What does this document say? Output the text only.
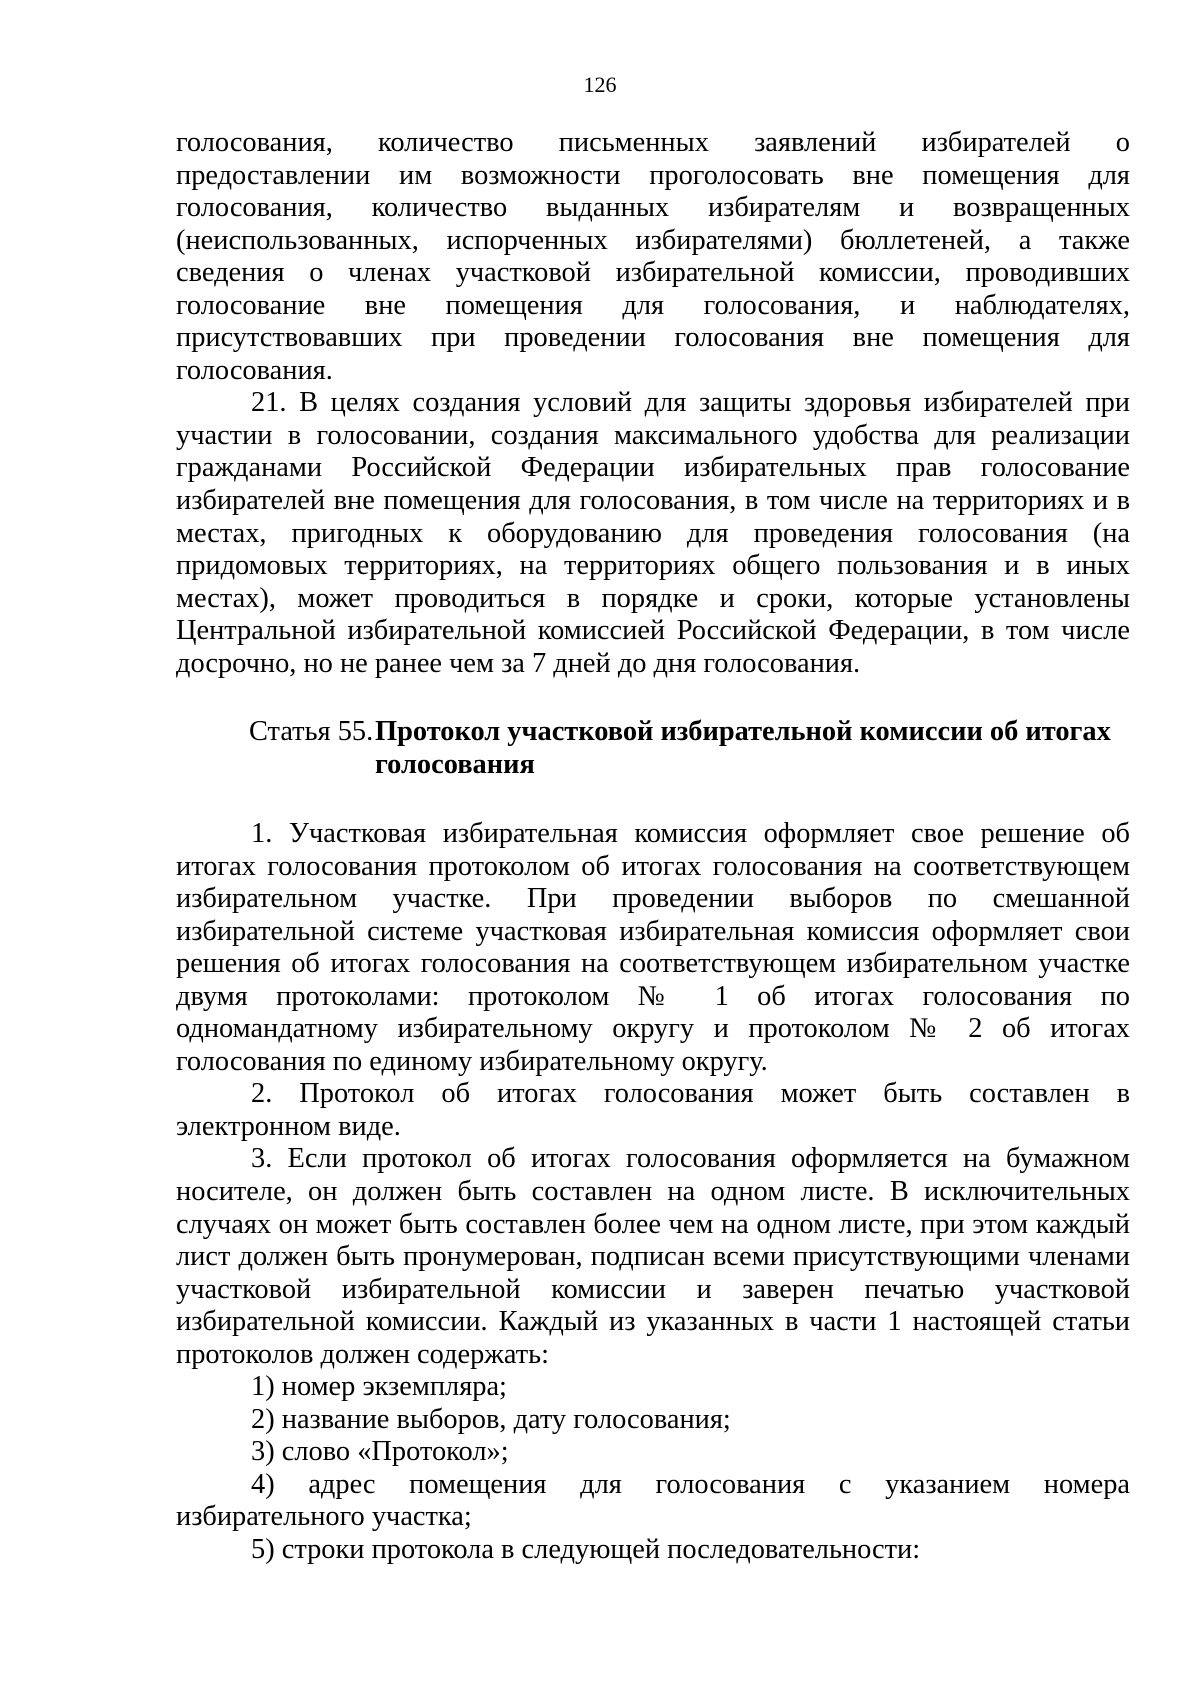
126

голосования, количество письменных заявлений избирателей о предоставлении им возможности проголосовать вне помещения для голосования, количество выданных избирателям и возвращенных (неиспользованных, испорченных избирателями) бюллетеней, а также сведения о членах участковой избирательной комиссии, проводивших голосование вне помещения для голосования, и наблюдателях, присутствовавших при проведении голосования вне помещения для голосования.

21. В целях создания условий для защиты здоровья избирателей при участии в голосовании, создания максимального удобства для реализации гражданами Российской Федерации избирательных прав голосование избирателей вне помещения для голосования, в том числе на территориях и в местах, пригодных к оборудованию для проведения голосования (на придомовых территориях, на территориях общего пользования и в иных местах), может проводиться в порядке и сроки, которые установлены Центральной избирательной комиссией Российской Федерации, в том числе досрочно, но не ранее чем за 7 дней до дня голосования.

Статья 55. Протокол участковой избирательной комиссии об итогах голосования

1. Участковая избирательная комиссия оформляет свое решение об итогах голосования протоколом об итогах голосования на соответствующем избирательном участке. При проведении выборов по смешанной избирательной системе участковая избирательная комиссия оформляет свои решения об итогах голосования на соответствующем избирательном участке двумя протоколами: протоколом № 1 об итогах голосования по одномандатному избирательному округу и протоколом № 2 об итогах голосования по единому избирательному округу.

2. Протокол об итогах голосования может быть составлен в электронном виде.

3. Если протокол об итогах голосования оформляется на бумажном носителе, он должен быть составлен на одном листе. В исключительных случаях он может быть составлен более чем на одном листе, при этом каждый лист должен быть пронумерован, подписан всеми присутствующими членами участковой избирательной комиссии и заверен печатью участковой избирательной комиссии. Каждый из указанных в части 1 настоящей статьи протоколов должен содержать:

1) номер экземпляра;

2) название выборов, дату голосования;

3) слово «Протокол»;

4) адрес помещения для голосования с указанием номера избирательного участка;

5) строки протокола в следующей последовательности:
